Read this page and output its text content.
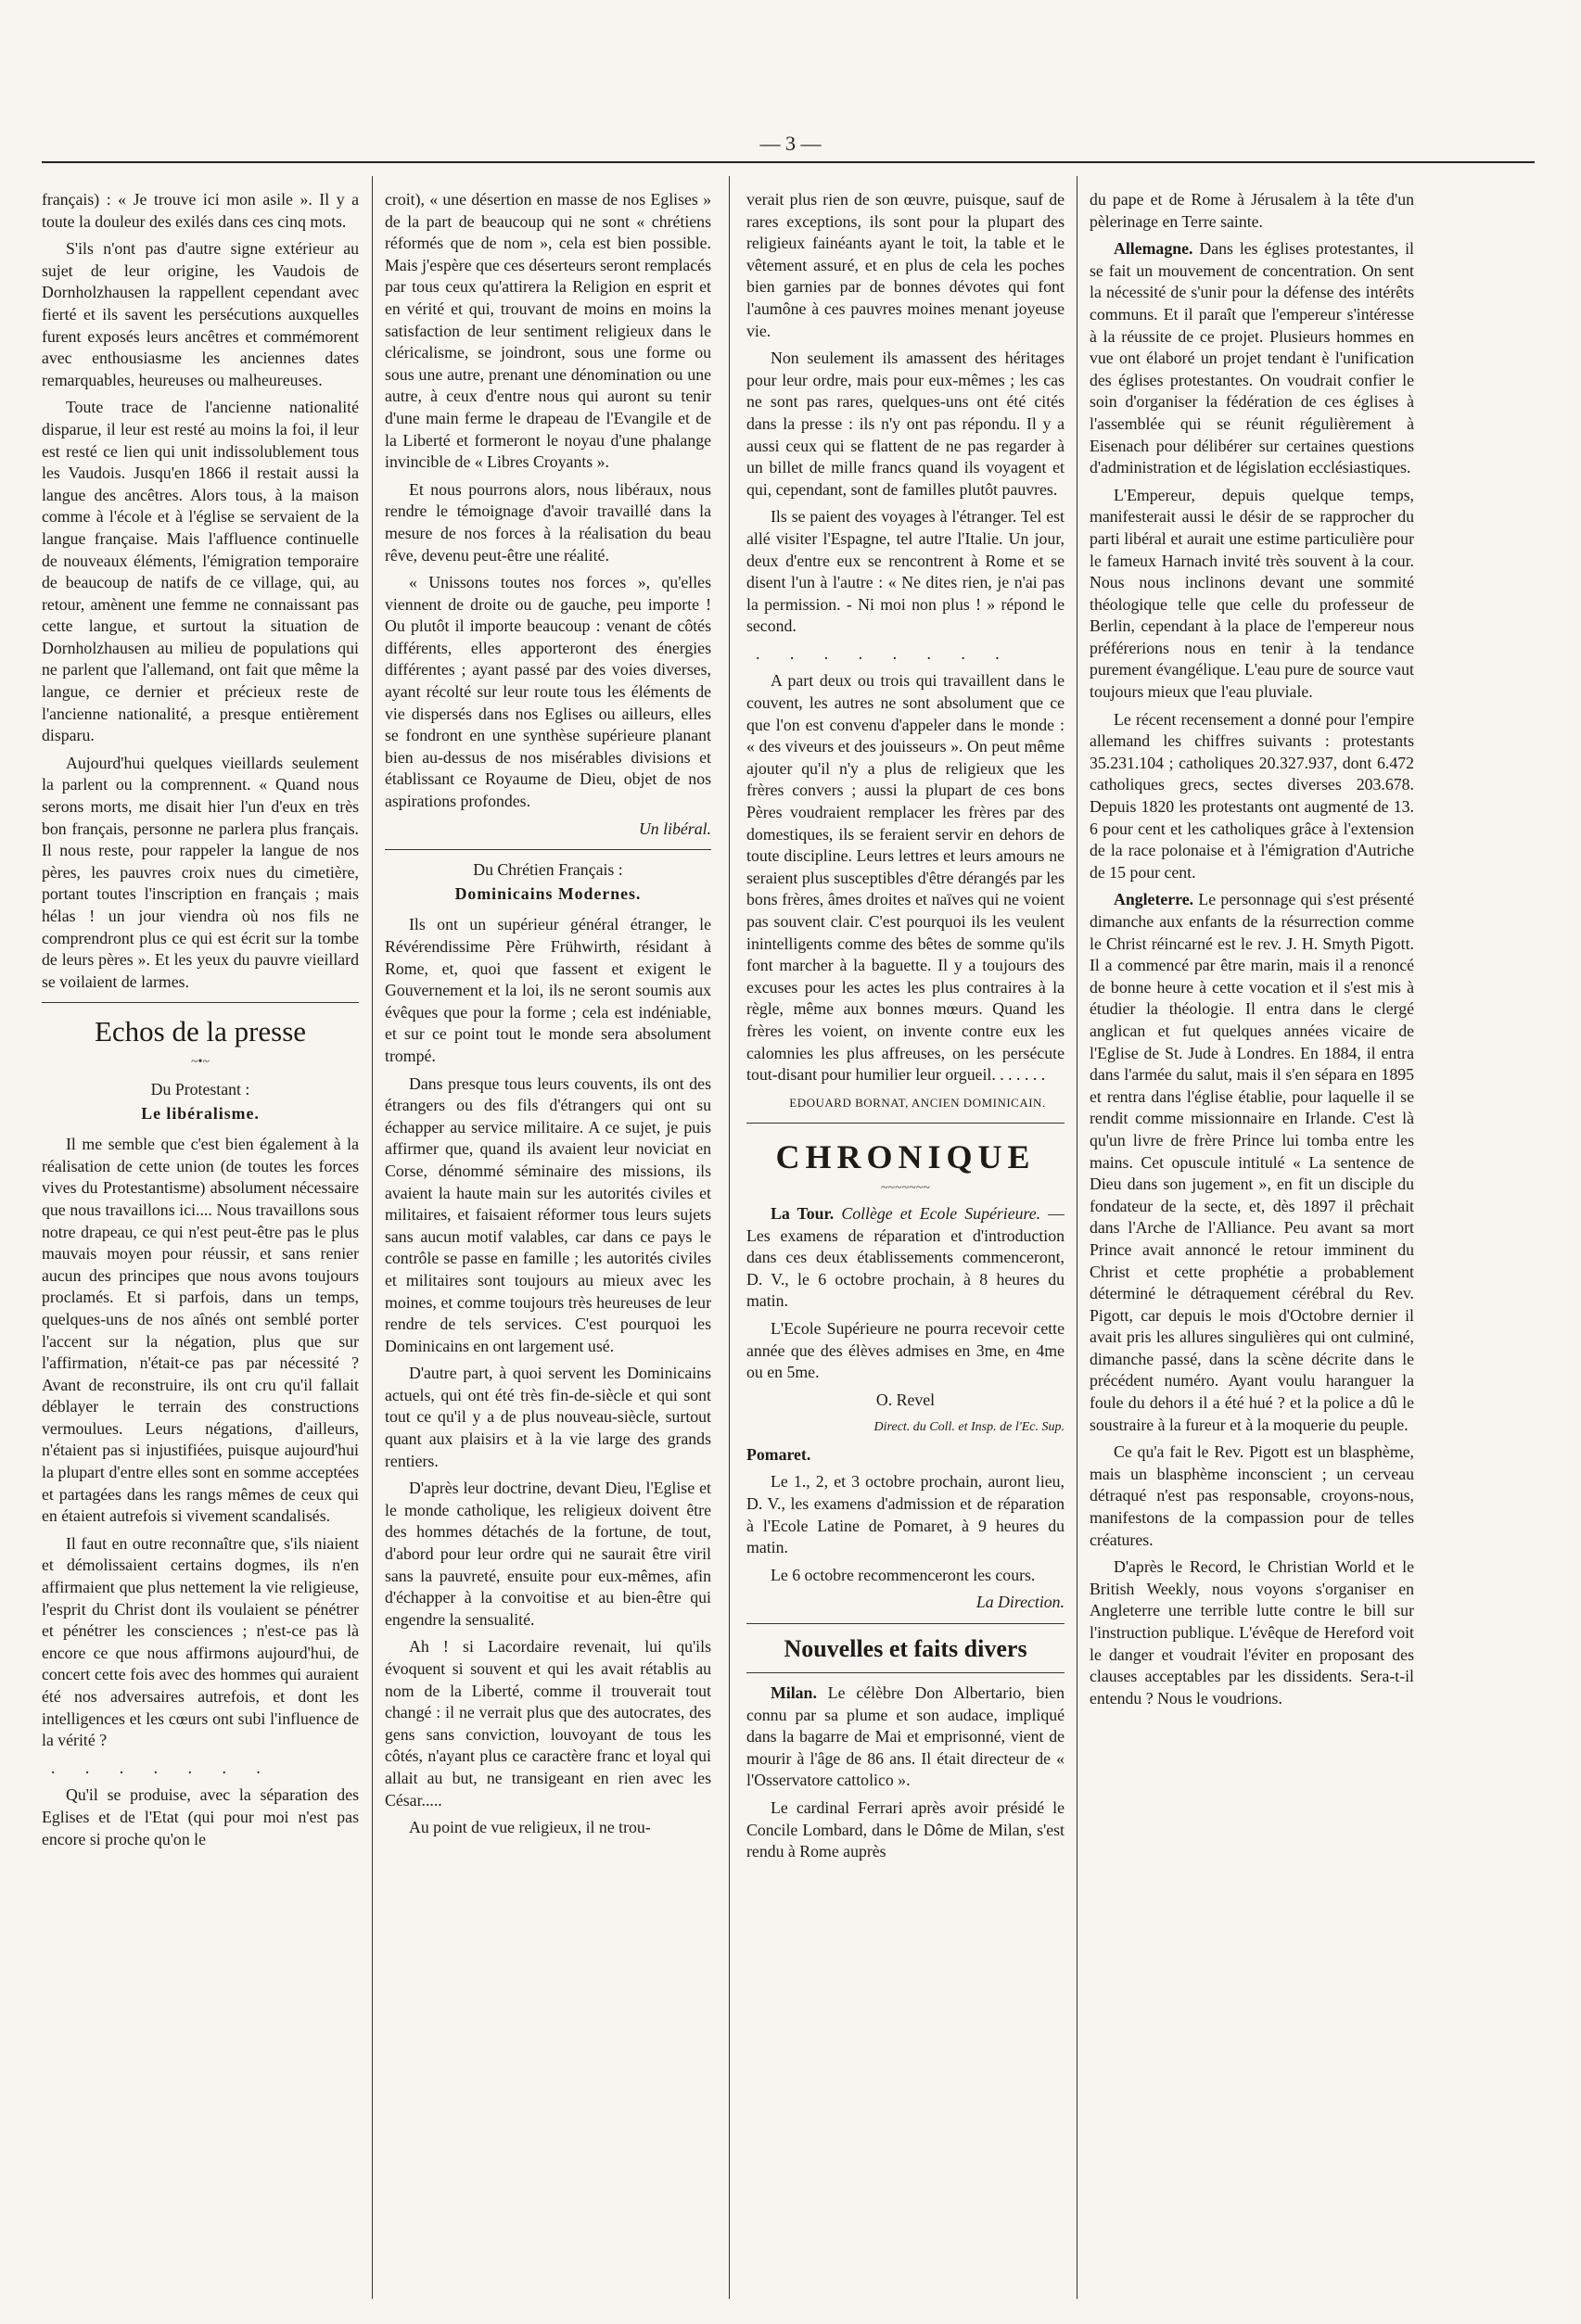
— 3 —

français) : « Je trouve ici mon asile ». Il y a toute la douleur des exilés dans ces cinq mots.

S'ils n'ont pas d'autre signe extérieur au sujet de leur origine, les Vaudois de Dornholzhausen la rappellent cependant avec fierté et ils savent les persécutions auxquelles furent exposés leurs ancêtres et commémorent avec enthousiasme les anciennes dates remarquables, heureuses ou malheureuses.

Toute trace de l'ancienne nationalité disparue, il leur est resté au moins la foi, il leur est resté ce lien qui unit indissolublement tous les Vaudois. Jusqu'en 1866 il restait aussi la langue des ancêtres. Alors tous, à la maison comme à l'école et à l'église se servaient de la langue française. Mais l'affluence continuelle de nouveaux éléments, l'émigration temporaire de beaucoup de natifs de ce village, qui, au retour, amènent une femme ne connaissant pas cette langue, et surtout la situation de Dornholzhausen au milieu de populations qui ne parlent que l'allemand, ont fait que même la langue, ce dernier et précieux reste de l'ancienne nationalité, a presque entièrement disparu.

Aujourd'hui quelques vieillards seulement la parlent ou la comprennent. « Quand nous serons morts, me disait hier l'un d'eux en très bon français, personne ne parlera plus français. Il nous reste, pour rappeler la langue de nos pères, les pauvres croix nues du cimetière, portant toutes l'inscription en français ; mais hélas ! un jour viendra où nos fils ne comprendront plus ce qui est écrit sur la tombe de leurs pères ». Et les yeux du pauvre vieillard se voilaient de larmes.

Echos de la presse
~•~

Du Protestant :

Le libéralisme.

Il me semble que c'est bien également à la réalisation de cette union (de toutes les forces vives du Protestantisme) absolument nécessaire que nous travaillons ici.... Nous travaillons sous notre drapeau, ce qui n'est peut-être pas le plus mauvais moyen pour réussir, et sans renier aucun des principes que nous avons toujours proclamés. Et si parfois, dans un temps, quelques-uns de nos aînés ont semblé porter l'accent sur la négation, plus que sur l'affirmation, n'était-ce pas par nécessité ? Avant de reconstruire, ils ont cru qu'il fallait déblayer le terrain des constructions vermoulues. Leurs négations, d'ailleurs, n'étaient pas si injustifiées, puisque aujourd'hui la plupart d'entre elles sont en somme acceptées et partagées dans les rangs mêmes de ceux qui en étaient autrefois si vivement scandalisés.

Il faut en outre reconnaître que, s'ils niaient et démolissaient certains dogmes, ils n'en affirmaient que plus nettement la vie religieuse, l'esprit du Christ dont ils voulaient se pénétrer et pénétrer les consciences ; n'est-ce pas là encore ce que nous affirmons aujourd'hui, de concert cette fois avec des hommes qui auraient été nos adversaires autrefois, et dont les intelligences et les cœurs ont subi l'influence de la vérité ?

. . . . . . .

Qu'il se produise, avec la séparation des Eglises et de l'Etat (qui pour moi n'est pas encore si proche qu'on le

croit), « une désertion en masse de nos Eglises » de la part de beaucoup qui ne sont « chrétiens réformés que de nom », cela est bien possible. Mais j'espère que ces déserteurs seront remplacés par tous ceux qu'attirera la Religion en esprit et en vérité et qui, trouvant de moins en moins la satisfaction de leur sentiment religieux dans le cléricalisme, se joindront, sous une forme ou sous une autre, prenant une dénomination ou une autre, à ceux d'entre nous qui auront su tenir d'une main ferme le drapeau de l'Evangile et de la Liberté et formeront le noyau d'une phalange invincible de « Libres Croyants ».

Et nous pourrons alors, nous libéraux, nous rendre le témoignage d'avoir travaillé dans la mesure de nos forces à la réalisation du beau rêve, devenu peut-être une réalité.

« Unissons toutes nos forces », qu'elles viennent de droite ou de gauche, peu importe ! Ou plutôt il importe beaucoup : venant de côtés différents, elles apporteront des énergies différentes ; ayant passé par des voies diverses, ayant récolté sur leur route tous les éléments de vie dispersés dans nos Eglises ou ailleurs, elles se fondront en une synthèse supérieure planant bien au-dessus de nos misérables divisions et établissant ce Royaume de Dieu, objet de nos aspirations profondes.

Un libéral.

Du Chrétien Français :

Dominicains Modernes.

Ils ont un supérieur général étranger, le Révérendissime Père Frühwirth, résidant à Rome, et, quoi que fassent et exigent le Gouvernement et la loi, ils ne seront soumis aux évêques que pour la forme ; cela est indéniable, et sur ce point tout le monde sera absolument trompé.

Dans presque tous leurs couvents, ils ont des étrangers ou des fils d'étrangers qui ont su échapper au service militaire. A ce sujet, je puis affirmer que, quand ils avaient leur noviciat en Corse, dénommé séminaire des missions, ils avaient la haute main sur les autorités civiles et militaires, et faisaient réformer tous leurs sujets sans aucun motif valables, car dans ce pays le contrôle se passe en famille ; les autorités civiles et militaires sont toujours au mieux avec les moines, et comme toujours très heureuses de leur rendre de tels services. C'est pourquoi les Dominicains en ont largement usé.

D'autre part, à quoi servent les Dominicains actuels, qui ont été très fin-de-siècle et qui sont tout ce qu'il y a de plus nouveau-siècle, surtout quant aux plaisirs et à la vie large des grands rentiers.

D'après leur doctrine, devant Dieu, l'Eglise et le monde catholique, les religieux doivent être des hommes détachés de la fortune, de tout, d'abord pour leur ordre qui ne saurait être viril sans la pauvreté, ensuite pour eux-mêmes, afin d'échapper à la convoitise et au bien-être qui engendre la sensualité.

Ah ! si Lacordaire revenait, lui qu'ils évoquent si souvent et qui les avait rétablis au nom de la Liberté, comme il trouverait tout changé : il ne verrait plus que des autocrates, des gens sans conviction, louvoyant de tous les côtés, n'ayant plus ce caractère franc et loyal qui allait au but, ne transigeant en rien avec les César.....

Au point de vue religieux, il ne trou-

verait plus rien de son œuvre, puisque, sauf de rares exceptions, ils sont pour la plupart des religieux fainéants ayant le toit, la table et le vêtement assuré, et en plus de cela les poches bien garnies par de bonnes dévotes qui font l'aumône à ces pauvres moines menant joyeuse vie.

Non seulement ils amassent des héritages pour leur ordre, mais pour eux-mêmes ; les cas ne sont pas rares, quelques-uns ont été cités dans la presse : ils n'y ont pas répondu. Il y a aussi ceux qui se flattent de ne pas regarder à un billet de mille francs quand ils voyagent et qui, cependant, sont de familles plutôt pauvres.

Ils se paient des voyages à l'étranger. Tel est allé visiter l'Espagne, tel autre l'Italie. Un jour, deux d'entre eux se rencontrent à Rome et se disent l'un à l'autre : « Ne dites rien, je n'ai pas la permission. - Ni moi non plus ! » répond le second.

. . . . . . . .

A part deux ou trois qui travaillent dans le couvent, les autres ne sont absolument que ce que l'on est convenu d'appeler dans le monde : « des viveurs et des jouisseurs ». On peut même ajouter qu'il n'y a plus de religieux que les frères convers ; aussi la plupart de ces bons Pères voudraient remplacer les frères par des domestiques, ils se feraient servir en dehors de toute discipline. Leurs lettres et leurs amours ne seraient plus susceptibles d'être dérangés par les bons frères, âmes droites et naïves qui ne voient pas souvent clair. C'est pourquoi ils les veulent inintelligents comme des bêtes de somme qu'ils font marcher à la baguette. Il y a toujours des excuses pour les actes les plus contraires à la règle, même aux bonnes mœurs. Quand les frères les voient, on invente contre eux les calomnies les plus affreuses, on les persécute tout-disant pour humilier leur orgueil. . . . . . .

EDOUARD BORNAT, ANCIEN DOMINICAIN.

CHRONIQUE
~~~~~~~

La Tour. Collège et Ecole Supérieure. — Les examens de réparation et d'introduction dans ces deux établissements commenceront, D. V., le 6 octobre prochain, à 8 heures du matin.

L'Ecole Supérieure ne pourra recevoir cette année que des élèves admises en 3me, en 4me ou en 5me.

O. Revel

Direct. du Coll. et Insp. de l'Ec. Sup.

Pomaret.

Le 1., 2, et 3 octobre prochain, auront lieu, D. V., les examens d'admission et de réparation à l'Ecole Latine de Pomaret, à 9 heures du matin.

Le 6 octobre recommenceront les cours.

La Direction.

Nouvelles et faits divers

Milan. Le célèbre Don Albertario, bien connu par sa plume et son audace, impliqué dans la bagarre de Mai et emprisonné, vient de mourir à l'âge de 86 ans. Il était directeur de « l'Osservatore cattolico ».

Le cardinal Ferrari après avoir présidé le Concile Lombard, dans le Dôme de Milan, s'est rendu à Rome auprès

du pape et de Rome à Jérusalem à la tête d'un pèlerinage en Terre sainte.

Allemagne. Dans les églises protestantes, il se fait un mouvement de concentration. On sent la nécessité de s'unir pour la défense des intérêts communs. Et il paraît que l'empereur s'intéresse à la réussite de ce projet. Plusieurs hommes en vue ont élaboré un projet tendant è l'unification des églises protestantes. On voudrait confier le soin d'organiser la fédération de ces églises à l'assemblée qui se réunit régulièrement à Eisenach pour délibérer sur certaines questions d'administration et de législation ecclésiastiques.

L'Empereur, depuis quelque temps, manifesterait aussi le désir de se rapprocher du parti libéral et aurait une estime particulière pour le fameux Harnach invité très souvent à la cour. Nous nous inclinons devant une sommité théologique telle que celle du professeur de Berlin, cependant à la place de l'empereur nous préférerions nous en tenir à la tendance purement évangélique. L'eau pure de source vaut toujours mieux que l'eau pluviale.

Le récent recensement a donné pour l'empire allemand les chiffres suivants : protestants 35.231.104 ; catholiques 20.327.937, dont 6.472 catholiques grecs, sectes diverses 203.678. Depuis 1820 les protestants ont augmenté de 13. 6 pour cent et les catholiques grâce à l'extension de la race polonaise et à l'émigration d'Autriche de 15 pour cent.

Angleterre. Le personnage qui s'est présenté dimanche aux enfants de la résurrection comme le Christ réincarné est le rev. J. H. Smyth Pigott. Il a commencé par être marin, mais il a renoncé de bonne heure à cette vocation et il s'est mis à étudier la théologie. Il entra dans le clergé anglican et fut quelques années vicaire de l'Eglise de St. Jude à Londres. En 1884, il entra dans l'armée du salut, mais il s'en sépara en 1895 et rentra dans l'église établie, pour laquelle il se rendit comme missionnaire en Irlande. C'est là qu'un livre de frère Prince lui tomba entre les mains. Cet opuscule intitulé « La sentence de Dieu dans son jugement », en fit un disciple du fondateur de la secte, et, dès 1897 il prêchait dans l'Arche de l'Alliance. Peu avant sa mort Prince avait annoncé le retour imminent du Christ et cette prophétie a probablement déterminé le détraquement cérébral du Rev. Pigott, car depuis le mois d'Octobre dernier il avait pris les allures singulières qui ont culminé, dimanche passé, dans la scène décrite dans le précédent numéro. Ayant voulu haranguer la foule du dehors il a été hué ? et la police a dû le soustraire à la fureur et à la moquerie du peuple.

Ce qu'a fait le Rev. Pigott est un blasphème, mais un blasphème inconscient ; un cerveau détraqué n'est pas responsable, croyons-nous, manifestons de la compassion pour de telles créatures.

D'après le Record, le Christian World et le British Weekly, nous voyons s'organiser en Angleterre une terrible lutte contre le bill sur l'instruction publique. L'évêque de Hereford voit le danger et voudrait l'éviter en proposant des clauses acceptables par les dissidents. Sera-t-il entendu ? Nous le voudrions.
